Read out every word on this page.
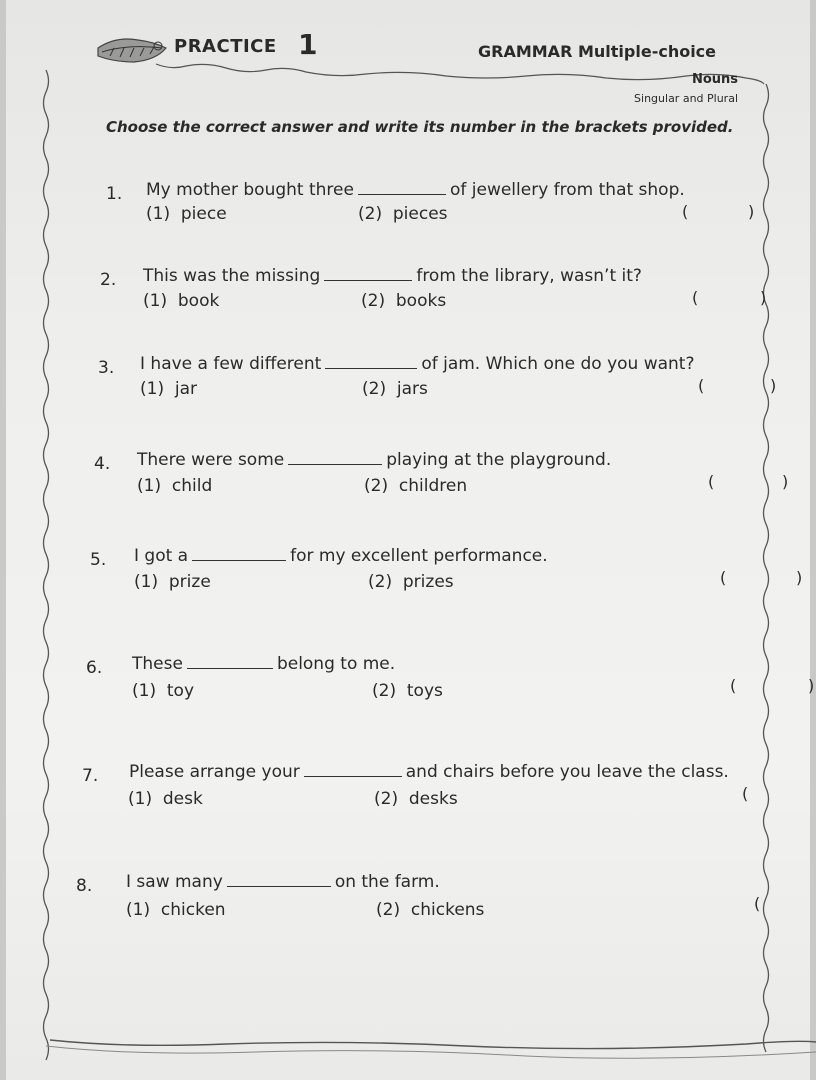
PRACTICE 1	GRAMMAR Multiple-choice
Nouns
Singular and Plural
Choose the correct answer and write its number in the brackets provided.
1. My mother bought three	of jewellery from that shop.
(1)  piece	(2)  pieces	(	)
2. This was the missing	from the library, wasn’t it?
(1)  book	(2)  books	(	)
3. I have a few different	of jam. Which one do you want?
(1)  jar	(2)  jars	(	)
4. There were some	playing at the playground.
(1)  child	(2)  children	(	)
5. I got a	for my excellent performance.
(1)  prize	(2)  prizes	(	)
6. These	belong to me.
(1)  toy	(2)  toys	(	)
7. Please arrange your	and chairs before you leave the class.
(1)  desk	(2)  desks	(
8. I saw many	on the farm.
(1)  chicken	(2)  chickens	(
